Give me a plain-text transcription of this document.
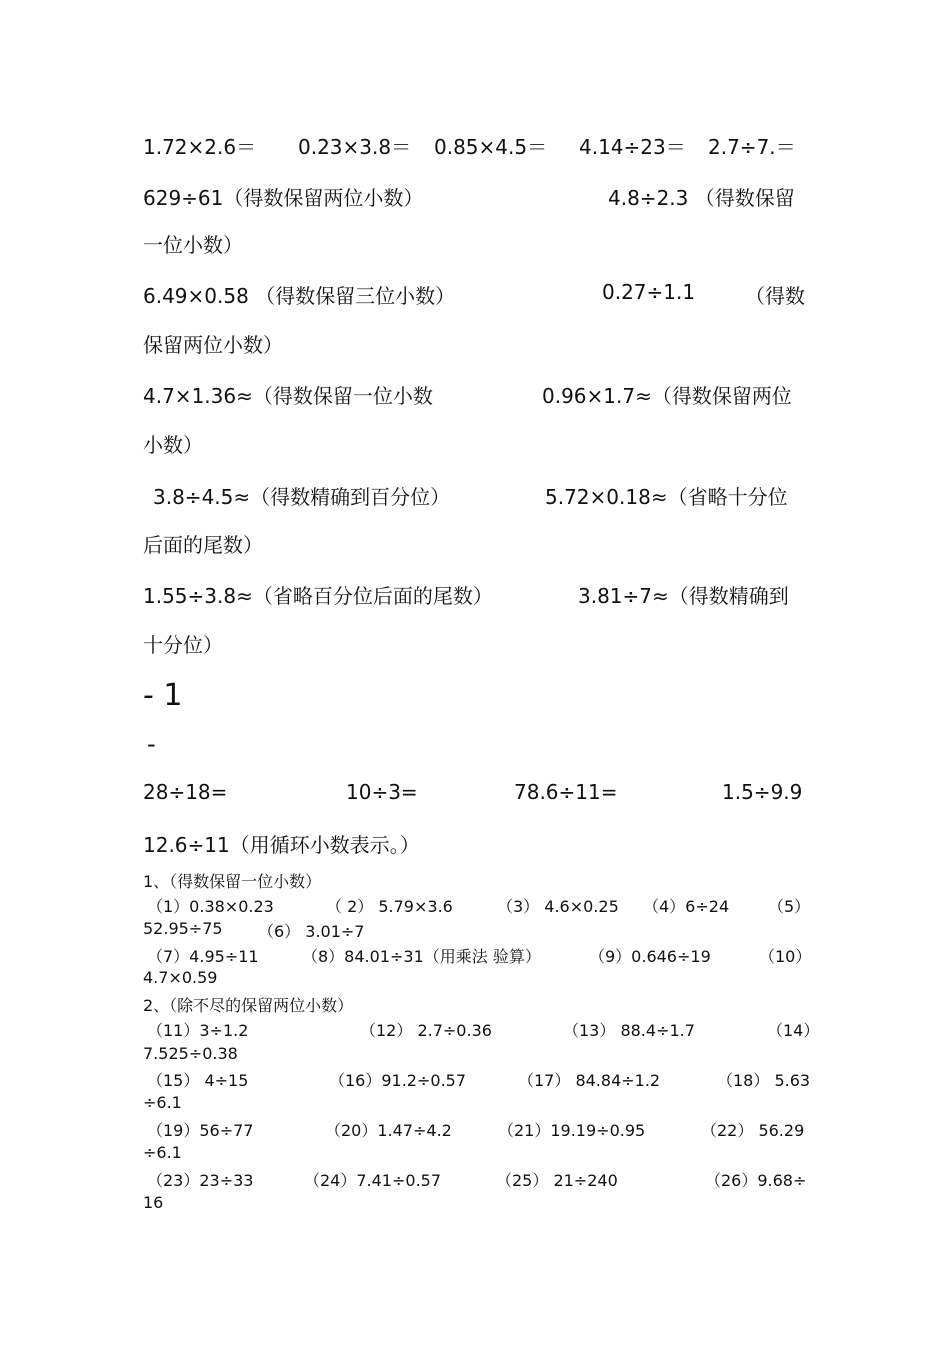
1.72×2.6＝ 0.23×3.8＝ 0.85×4.5＝ 4.14÷23＝ 2.7÷7.＝
629÷61（得数保留两位小数）	4.8÷2.3 （得数保留
一位小数）
6.49×0.58 （得数保留三位小数）	0.27÷1.1 （得数
保留两位小数）
4.7×1.36≈（得数保留一位小数	0.96×1.7≈（得数保留两位
小数）
3.8÷4.5≈（得数精确到百分位）	5.72×0.18≈（省略十分位
后面的尾数）
1.55÷3.8≈（省略百分位后面的尾数）	3.81÷7≈（得数精确到
十分位）
- 1
-
28÷18=	10÷3=	78.6÷11=	1.5÷9.9
12.6÷11（用循环小数表示。）
1、（得数保留一位小数）
（1）0.38×0.23	（ 2） 5.79×3.6	（3） 4.6×0.25 （4）6÷24 （5）
52.95÷75 （6） 3.01÷7
（7）4.95÷11	（8）84.01÷31（用乘法 验算）	（9）0.646÷19	（10）
4.7×0.59
2、（除不尽的保留两位小数）
（11）3÷1.2	（12） 2.7÷0.36	（13） 88.4÷1.7	（14）
7.525÷0.38
（15） 4÷15	（16）91.2÷0.57	（17） 84.84÷1.2	（18） 5.63
÷6.1
（19）56÷77	（20）1.47÷4.2	（21）19.19÷0.95	（22） 56.29
÷6.1
（23）23÷33	（24）7.41÷0.57	（25） 21÷240	（26）9.68÷
16
